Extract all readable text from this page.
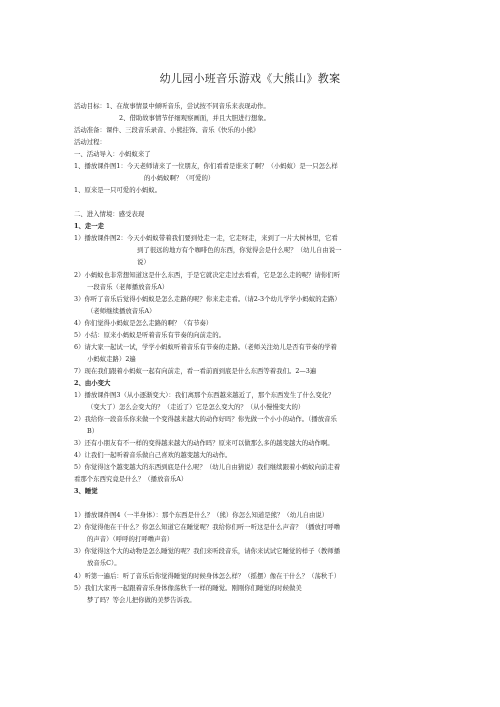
幼儿园小班音乐游戏《大熊山》教案
活动目标：1、在故事情景中倾听音乐，尝试按不同音乐来表现动作。
2、借助故事情节仔细观察画面，并且大胆进行想象。
活动准备：课件、三段音乐录音、小熊挂饰、音乐《快乐的小熊》
活动过程：
一、活动导入：小蚂蚁来了
1、播放课件图1：今天老师请来了一位朋友，你们看看是谁来了啊？（小蚂蚁）是一只怎么样
的小蚂蚁啊？（可爱的）
1、原来是一只可爱的小蚂蚁。
二、进入情境：感受表现
1、走一走
1）播放课件图2：今天小蚂蚁带着我们要到处走一走，它走呀走，来到了一片大树林里，它看
到了很远的地方有个咖啡色的东西，你觉得会是什么呢？（幼儿自由说一
说）
2）小蚂蚁也非常想知道这是什么东西，于是它就决定走过去看看，它是怎么走的呢？请你们听
一段音乐（老师播放音乐A）
3）你听了音乐后觉得小蚂蚁是怎么走路的呢？你来走走看。（请2-3个幼儿学学小蚂蚁的走路）
（老师继续播放音乐A）
4）你们觉得小蚂蚁是怎么走路的啊？（有节奏）
5）小结：原来小蚂蚁是听着音乐有节奏的向前走的。
6）请大家一起试一试，学学小蚂蚁听着音乐有节奏的走路。（老师关注幼儿是否有节奏的学着
小蚂蚁走路）2遍
7）现在我们跟着小蚂蚁一起有向前走，看一看前面到底是什么东西等着我们。2—3遍
2、由小变大
1）播放课件图3（从小逐渐变大）：我们离那个东西越来越近了，那个东西发生了什么变化？
（变大了）怎么会变大的？（走近了）它是怎么变大的？（从小慢慢变大的）
2）我给你一段音乐你来做一个变得越来越大的动作好吗？你先做一个小小的动作。（播放音乐
B）
3）还有小朋友有不一样的变得越来越大的动作吗？原来可以做那么多的越变越大的动作啊。
4）让我们一起听着音乐做自己喜欢的越变越大的动作。
5）你觉得这个越变越大的东西到底是什么呢？（幼儿自由猜说）我们继续跟着小蚂蚁向前走着
看那个东西究竟是什么？（播放音乐A）
3、睡觉
1）播放课件图4（一半身体）：那个东西是什么？（熊）你怎么知道是熊？（幼儿自由说）
2）你觉得他在干什么？你怎么知道它在睡觉呢？我给你们听一听这是什么声音？（播放打呼噜
的声音）（呼呼的打呼噜声音）
3）你觉得这个大的动物是怎么睡觉的呢？我们来听段音乐，请你来试试它睡觉的样子（教师播
放音乐C）。
4）听第一遍后：听了音乐后你觉得睡觉的时候身体怎么样？（摇摆）像在干什么？（荡秋千）
5）我们大家再一起跟着音乐身体像荡秋千一样的睡觉。刚刚你们睡觉的时候做美
梦了吗？等会儿把你做的美梦告诉我。
